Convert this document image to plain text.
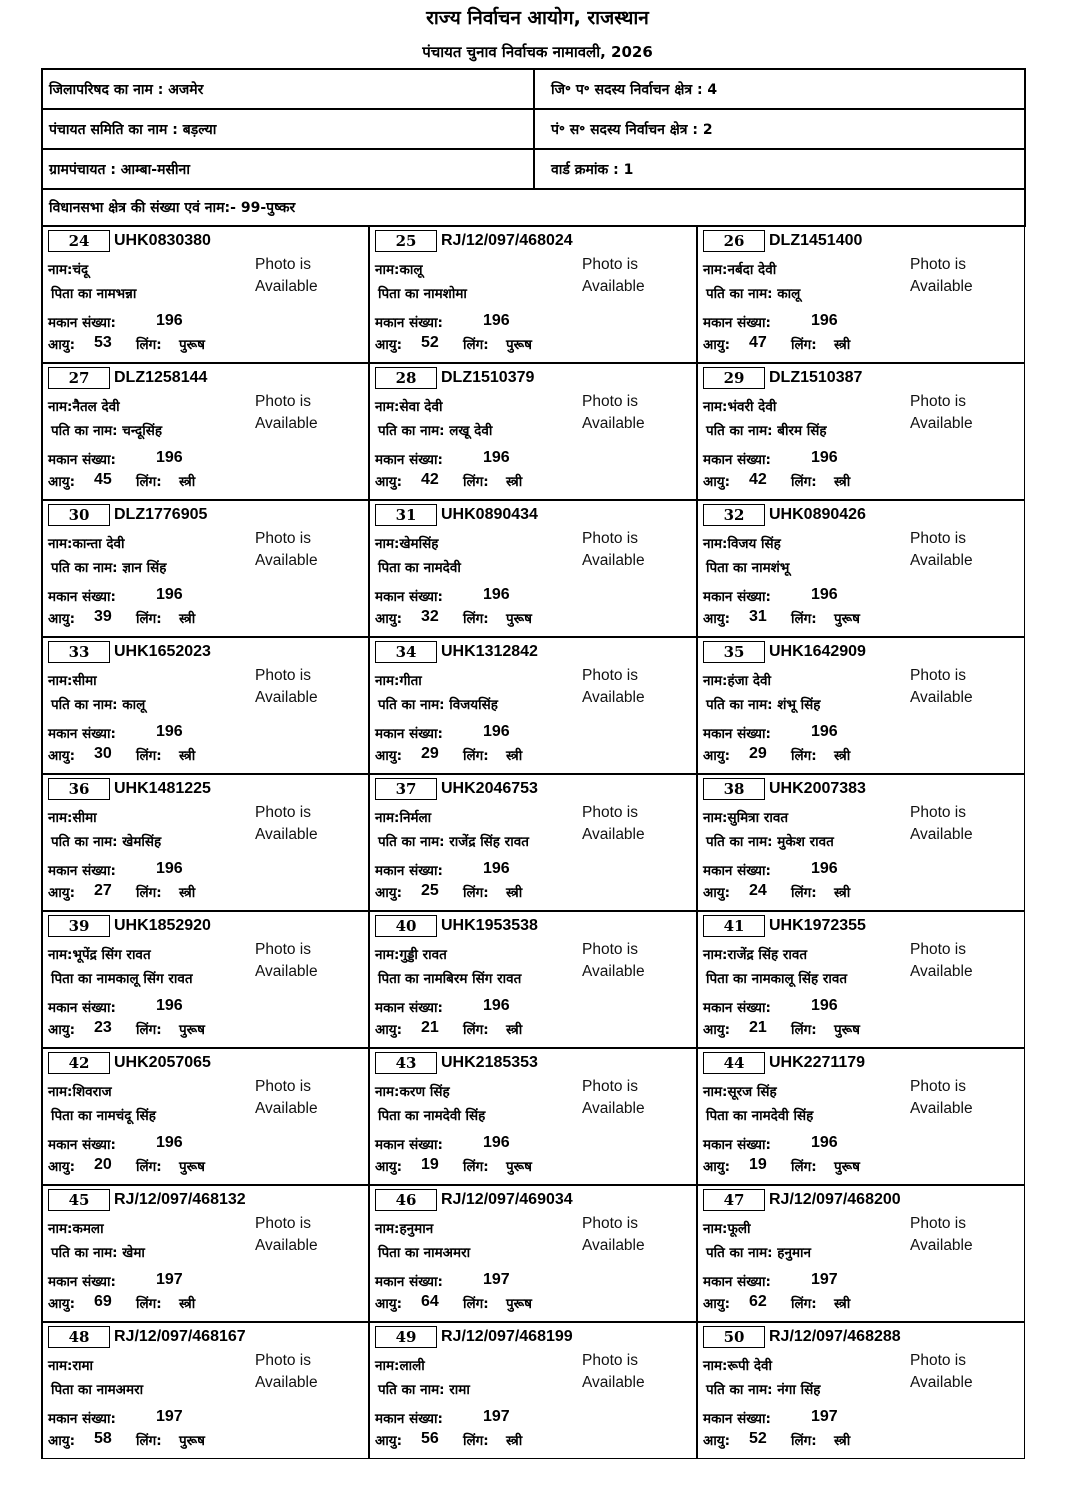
राज्य निर्वाचन आयोग, राजस्थान
पंचायत चुनाव निर्वाचक नामावली, 2026
जिलापरिषद का नाम : अजमेर	जि॰ प॰ सदस्य निर्वाचन क्षेत्र : 4
पंचायत समिति का नाम : बड़ल्या	पं॰ स॰ सदस्य निर्वाचन क्षेत्र : 2
ग्रामपंचायत : आम्बा-मसीना	वार्ड क्रमांक : 1
विधानसभा क्षेत्र की संख्या एवं नाम:- 99-पुष्कर
24	UHK0830380
Photo is
Available
नाम:चंदू
पिता का नामभन्ना
मकान संख्या:	196
आयु: 53 लिंग: पुरूष
25	RJ/12/097/468024
Photo is
Available
नाम:कालू
पिता का नामशोमा
मकान संख्या:	196
आयु: 52 लिंग: पुरूष
26	DLZ1451400
Photo is
Available
नाम:नर्बदा देवी
पति का नाम: कालू
मकान संख्या:	196
आयु: 47 लिंग: स्त्री
27	DLZ1258144
Photo is
Available
नाम:नैतल देवी
पति का नाम: चन्दूसिंह
मकान संख्या:	196
आयु: 45 लिंग: स्त्री
28	DLZ1510379
Photo is
Available
नाम:सेवा देवी
पति का नाम: लखू देवी
मकान संख्या:	196
आयु: 42 लिंग: स्त्री
29	DLZ1510387
Photo is
Available
नाम:भंवरी देवी
पति का नाम: बीरम सिंह
मकान संख्या:	196
आयु: 42 लिंग: स्त्री
30	DLZ1776905
Photo is
Available
नाम:कान्ता देवी
पति का नाम: ज्ञान सिंह
मकान संख्या:	196
आयु: 39 लिंग: स्त्री
31	UHK0890434
Photo is
Available
नाम:खेमसिंह
पिता का नामदेवी
मकान संख्या:	196
आयु: 32 लिंग: पुरूष
32	UHK0890426
Photo is
Available
नाम:विजय सिंह
पिता का नामशंभू
मकान संख्या:	196
आयु: 31 लिंग: पुरूष
33	UHK1652023
Photo is
Available
नाम:सीमा
पति का नाम: कालू
मकान संख्या:	196
आयु: 30 लिंग: स्त्री
34	UHK1312842
Photo is
Available
नाम:गीता
पति का नाम: विजयसिंह
मकान संख्या:	196
आयु: 29 लिंग: स्त्री
35	UHK1642909
Photo is
Available
नाम:हंजा देवी
पति का नाम: शंभू सिंह
मकान संख्या:	196
आयु: 29 लिंग: स्त्री
36	UHK1481225
Photo is
Available
नाम:सीमा
पति का नाम: खेमसिंह
मकान संख्या:	196
आयु: 27 लिंग: स्त्री
37	UHK2046753
Photo is
Available
नाम:निर्मला
पति का नाम: राजेंद्र सिंह रावत
मकान संख्या:	196
आयु: 25 लिंग: स्त्री
38	UHK2007383
Photo is
Available
नाम:सुमित्रा रावत
पति का नाम: मुकेश रावत
मकान संख्या:	196
आयु: 24 लिंग: स्त्री
39	UHK1852920
Photo is
Available
नाम:भूपेंद्र सिंग रावत
पिता का नामकालू सिंग रावत
मकान संख्या:	196
आयु: 23 लिंग: पुरूष
40	UHK1953538
Photo is
Available
नाम:गुड्डी रावत
पिता का नामबिरम सिंग रावत
मकान संख्या:	196
आयु: 21 लिंग: स्त्री
41	UHK1972355
Photo is
Available
नाम:राजेंद्र सिंह रावत
पिता का नामकालू सिंह रावत
मकान संख्या:	196
आयु: 21 लिंग: पुरूष
42	UHK2057065
Photo is
Available
नाम:शिवराज
पिता का नामचंदू सिंह
मकान संख्या:	196
आयु: 20 लिंग: पुरूष
43	UHK2185353
Photo is
Available
नाम:करण सिंह
पिता का नामदेवी सिंह
मकान संख्या:	196
आयु: 19 लिंग: पुरूष
44	UHK2271179
Photo is
Available
नाम:सूरज सिंह
पिता का नामदेवी सिंह
मकान संख्या:	196
आयु: 19 लिंग: पुरूष
45	RJ/12/097/468132
Photo is
Available
नाम:कमला
पति का नाम: खेमा
मकान संख्या:	197
आयु: 69 लिंग: स्त्री
46	RJ/12/097/469034
Photo is
Available
नाम:हनुमान
पिता का नामअमरा
मकान संख्या:	197
आयु: 64 लिंग: पुरूष
47	RJ/12/097/468200
Photo is
Available
नाम:फूली
पति का नाम: हनुमान
मकान संख्या:	197
आयु: 62 लिंग: स्त्री
48	RJ/12/097/468167
Photo is
Available
नाम:रामा
पिता का नामअमरा
मकान संख्या:	197
आयु: 58 लिंग: पुरूष
49	RJ/12/097/468199
Photo is
Available
नाम:लाली
पति का नाम: रामा
मकान संख्या:	197
आयु: 56 लिंग: स्त्री
50	RJ/12/097/468288
Photo is
Available
नाम:रूपी देवी
पति का नाम: नंगा सिंह
मकान संख्या:	197
आयु: 52 लिंग: स्त्री
